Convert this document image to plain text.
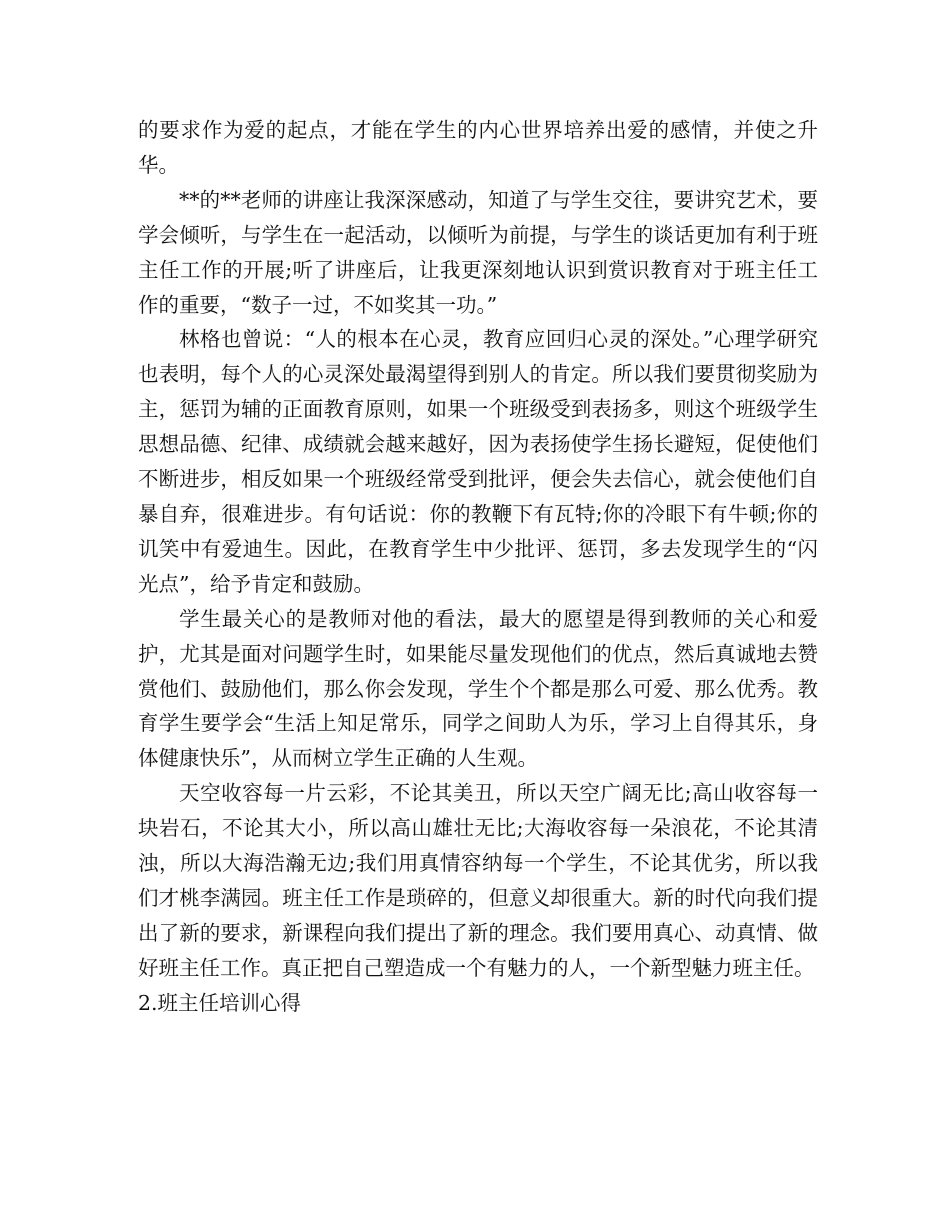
的要求作为爱的起点，才能在学生的内心世界培养出爱的感情，并使之升华。

**的**老师的讲座让我深深感动，知道了与学生交往，要讲究艺术，要学会倾听，与学生在一起活动，以倾听为前提，与学生的谈话更加有利于班主任工作的开展;听了讲座后，让我更深刻地认识到赏识教育对于班主任工作的重要，“数子一过，不如奖其一功。”

林格也曾说：“人的根本在心灵，教育应回归心灵的深处。”心理学研究也表明，每个人的心灵深处最渴望得到别人的肯定。所以我们要贯彻奖励为主，惩罚为辅的正面教育原则，如果一个班级受到表扬多，则这个班级学生思想品德、纪律、成绩就会越来越好，因为表扬使学生扬长避短，促使他们不断进步，相反如果一个班级经常受到批评，便会失去信心，就会使他们自暴自弃，很难进步。有句话说：你的教鞭下有瓦特;你的冷眼下有牛顿;你的讥笑中有爱迪生。因此，在教育学生中少批评、惩罚，多去发现学生的“闪光点”，给予肯定和鼓励。

学生最关心的是教师对他的看法，最大的愿望是得到教师的关心和爱护，尤其是面对问题学生时，如果能尽量发现他们的优点，然后真诚地去赞赏他们、鼓励他们，那么你会发现，学生个个都是那么可爱、那么优秀。教育学生要学会“生活上知足常乐，同学之间助人为乐，学习上自得其乐，身体健康快乐”，从而树立学生正确的人生观。

天空收容每一片云彩，不论其美丑，所以天空广阔无比;高山收容每一块岩石，不论其大小，所以高山雄壮无比;大海收容每一朵浪花，不论其清浊，所以大海浩瀚无边;我们用真情容纳每一个学生，不论其优劣，所以我们才桃李满园。班主任工作是琐碎的，但意义却很重大。新的时代向我们提出了新的要求，新课程向我们提出了新的理念。我们要用真心、动真情、做好班主任工作。真正把自己塑造成一个有魅力的人，一个新型魅力班主任。

2.班主任培训心得
